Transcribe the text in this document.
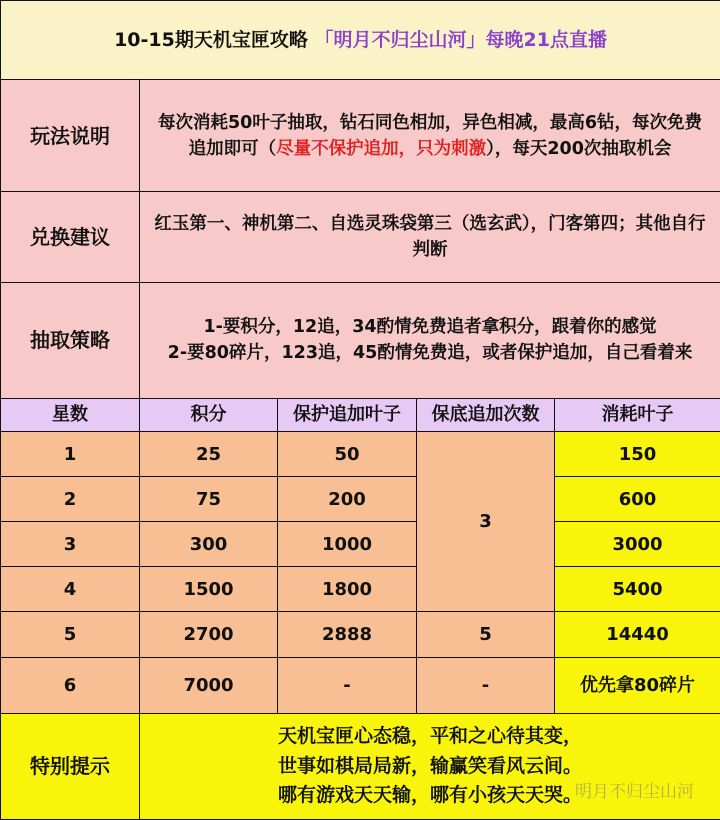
10-15期天机宝匣攻略 「明月不归尘山河」每晚21点直播				
玩法说明	每次消耗50叶子抽取，钻石同色相加，异色相减，最高6钻，每次免费追加即可（尽量不保护追加，只为刺激），每天200次抽取机会			
兑换建议	红玉第一、神机第二、自选灵珠袋第三（选玄武），门客第四；其他自行判断			
抽取策略	1-要积分，12追，34酌情免费追者拿积分，跟着你的感觉
2-要80碎片，123追，45酌情免费追，或者保护追加，自己看着来			

星数	积分	保护追加叶子	保底追加次数	消耗叶子
1	25	50	3	150
2	75	200		600
3	300	1000		3000
4	1500	1800		5400
5	2700	2888	5	14440
6	7000	-	-	优先拿80碎片
特别提示	天机宝匣心态稳，平和之心待其变，
世事如棋局局新，输赢笑看风云间。
哪有游戏天天输，哪有小孩天天哭。			
明月不归尘山河
